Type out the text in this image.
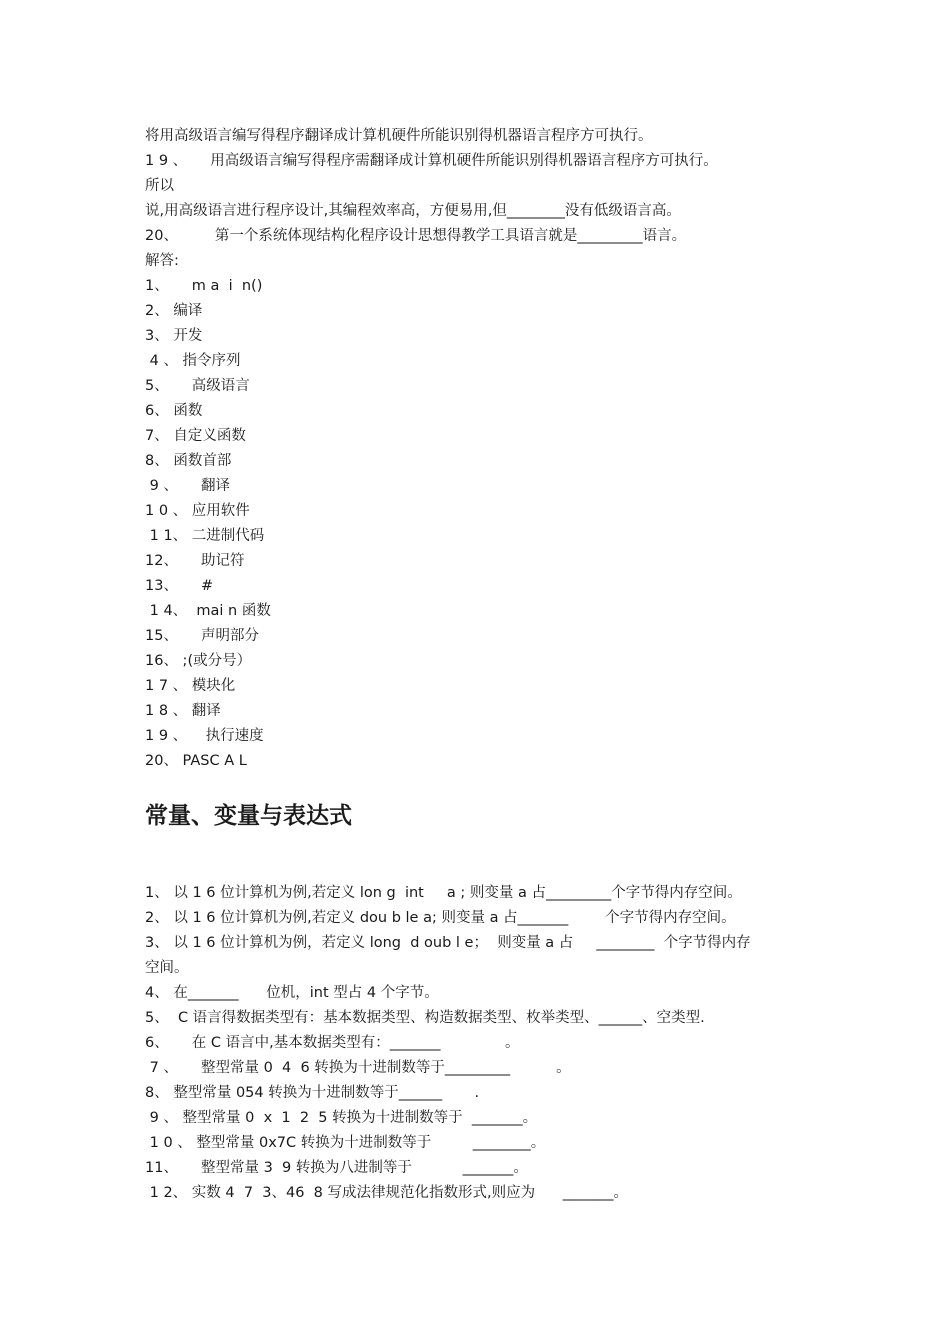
将用高级语言编写得程序翻译成计算机硬件所能识别得机器语言程序方可执行。
1 9 、     用高级语言编写得程序需翻译成计算机硬件所能识别得机器语言程序方可执行。
所以
说,用高级语言进行程序设计,其编程效率高，方便易用,但________没有低级语言高。
20、        第一个系统体现结构化程序设计思想得教学工具语言就是_________语言。
解答:
1、     m a  i  n()
2、 编译
3、 开发
4 、 指令序列
5、     高级语言
6、 函数
7、 自定义函数
8、 函数首部
9 、     翻译
1 0 、 应用软件
1 1、 二进制代码
12、     助记符
13、     #
1 4、  mai n 函数
15、     声明部分
16、 ;(或分号）
1 7 、 模块化
1 8 、 翻译
1 9 、    执行速度
20、 PASC A L
常量、变量与表达式
1、 以 1 6 位计算机为例,若定义 lon g  int     a ; 则变量 a 占_________个字节得内存空间。
2、 以 1 6 位计算机为例,若定义 dou b le a; 则变量 a 占_______        个字节得内存空间。
3、 以 1 6 位计算机为例，若定义 long  d oub l e；  则变量 a 占     ________  个字节得内存
空间。
4、 在_______      位机，int 型占 4 个字节。
5、  C 语言得数据类型有：基本数据类型、构造数据类型、枚举类型、______、空类型.
6、     在 C 语言中,基本数据类型有：_______              。
7 、     整型常量 0  4  6 转换为十进制数等于_________          。
8、 整型常量 054 转换为十进制数等于______       .
9 、 整型常量 0  x  1  2  5 转换为十进制数等于  _______。
1 0 、 整型常量 0x7C 转换为十进制数等于         ________。
11、     整型常量 3  9 转换为八进制等于           _______。
1 2、 实数 4  7  3、46  8 写成法律规范化指数形式,则应为      _______。
